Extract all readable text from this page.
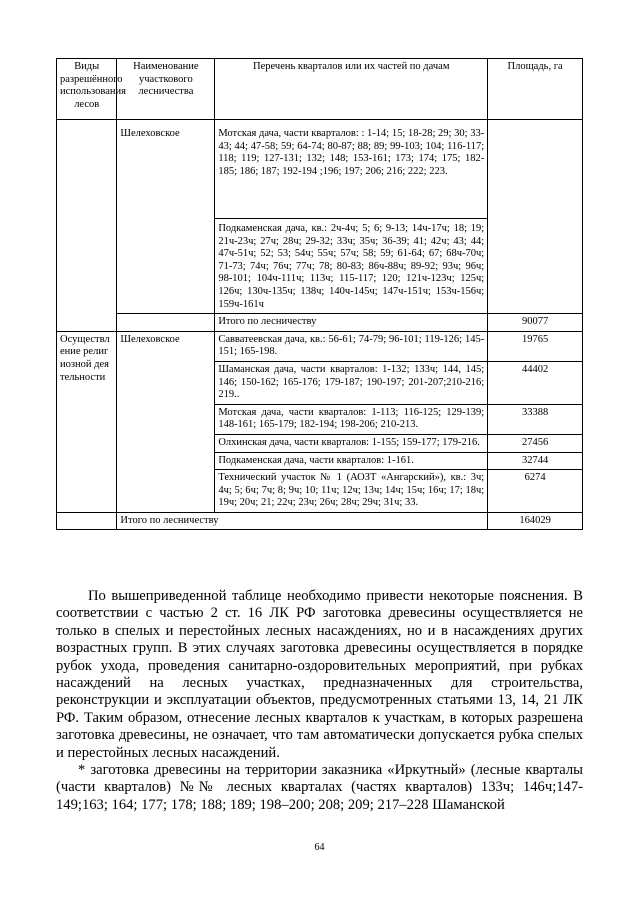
Виды разрешённого использования лесов	Наименование участкового лесничества	Перечень кварталов или их частей по дачам	Площадь, га
	Шелеховское	Мотская дача, части кварталов: : 1-14; 15; 18-28; 29; 30; 33-43; 44; 47-58; 59; 64-74; 80-87; 88; 89; 99-103; 104; 116-117; 118; 119; 127-131; 132; 148; 153-161; 173; 174; 175; 182-185; 186; 187; 192-194 ;196; 197; 206; 216; 222; 223.	
		Подкаменская дача, кв.: 2ч-4ч; 5; 6; 9-13; 14ч-17ч; 18; 19; 21ч-23ч; 27ч; 28ч; 29-32; 33ч; 35ч; 36-39; 41; 42ч; 43; 44; 47ч-51ч; 52; 53; 54ч; 55ч; 57ч; 58; 59; 61-64; 67; 68ч-70ч; 71-73; 74ч; 76ч; 77ч; 78; 80-83; 86ч-88ч; 89-92; 93ч; 96ч; 98-101; 104ч-111ч; 113ч; 115-117; 120; 121ч-123ч; 125ч; 126ч; 130ч-135ч; 138ч; 140ч-145ч; 147ч-151ч; 153ч-156ч; 159ч-161ч	
		Итого по лесничеству	90077
Осуществление религиозной деятельности	Шелеховское	Савватеевская дача, кв.: 56-61; 74-79; 96-101; 119-126; 145-151; 165-198.	19765
		Шаманская дача, части кварталов: 1-132; 133ч; 144, 145; 146; 150-162; 165-176; 179-187; 190-197; 201-207;210-216; 219..	44402
		Мотская дача, части кварталов: 1-113; 116-125; 129-139; 148-161; 165-179; 182-194; 198-206; 210-213.	33388
		Олхинская дача, части кварталов: 1-155; 159-177; 179-216.	27456
		Подкаменская дача, части кварталов: 1-161.	32744
		Технический участок № 1 (АОЗТ «Ангарский»), кв.: 3ч; 4ч; 5; 6ч; 7ч; 8; 9ч; 10; 11ч; 12ч; 13ч; 14ч; 15ч; 16ч; 17; 18ч; 19ч; 20ч; 21; 22ч; 23ч; 26ч; 28ч; 29ч; 31ч; 33.	6274
	Итого по лесничеству		164029
По вышеприведенной таблице необходимо привести некоторые пояснения. В соответствии с частью 2 ст. 16 ЛК РФ заготовка древесины осуществляется не только в спелых и перестойных лесных насаждениях, но и в насаждениях других возрастных групп. В этих случаях заготовка древесины осуществляется в порядке рубок ухода, проведения санитарно-оздоровительных мероприятий, при рубках насаждений на лесных участках, предназначенных для строительства, реконструкции и эксплуатации объектов, предусмотренных статьями 13, 14, 21 ЛК РФ. Таким образом, отнесение лесных кварталов к участкам, в которых разрешена заготовка древесины, не означает, что там автоматически допускается рубка спелых и перестойных лесных насаждений.
* заготовка древесины на территории заказника «Иркутный» (лесные кварталы (части кварталов) №№ лесных кварталах (частях кварталов) 133ч; 146ч;147-149;163; 164; 177; 178; 188; 189; 198–200; 208; 209; 217–228 Шаманской
64
